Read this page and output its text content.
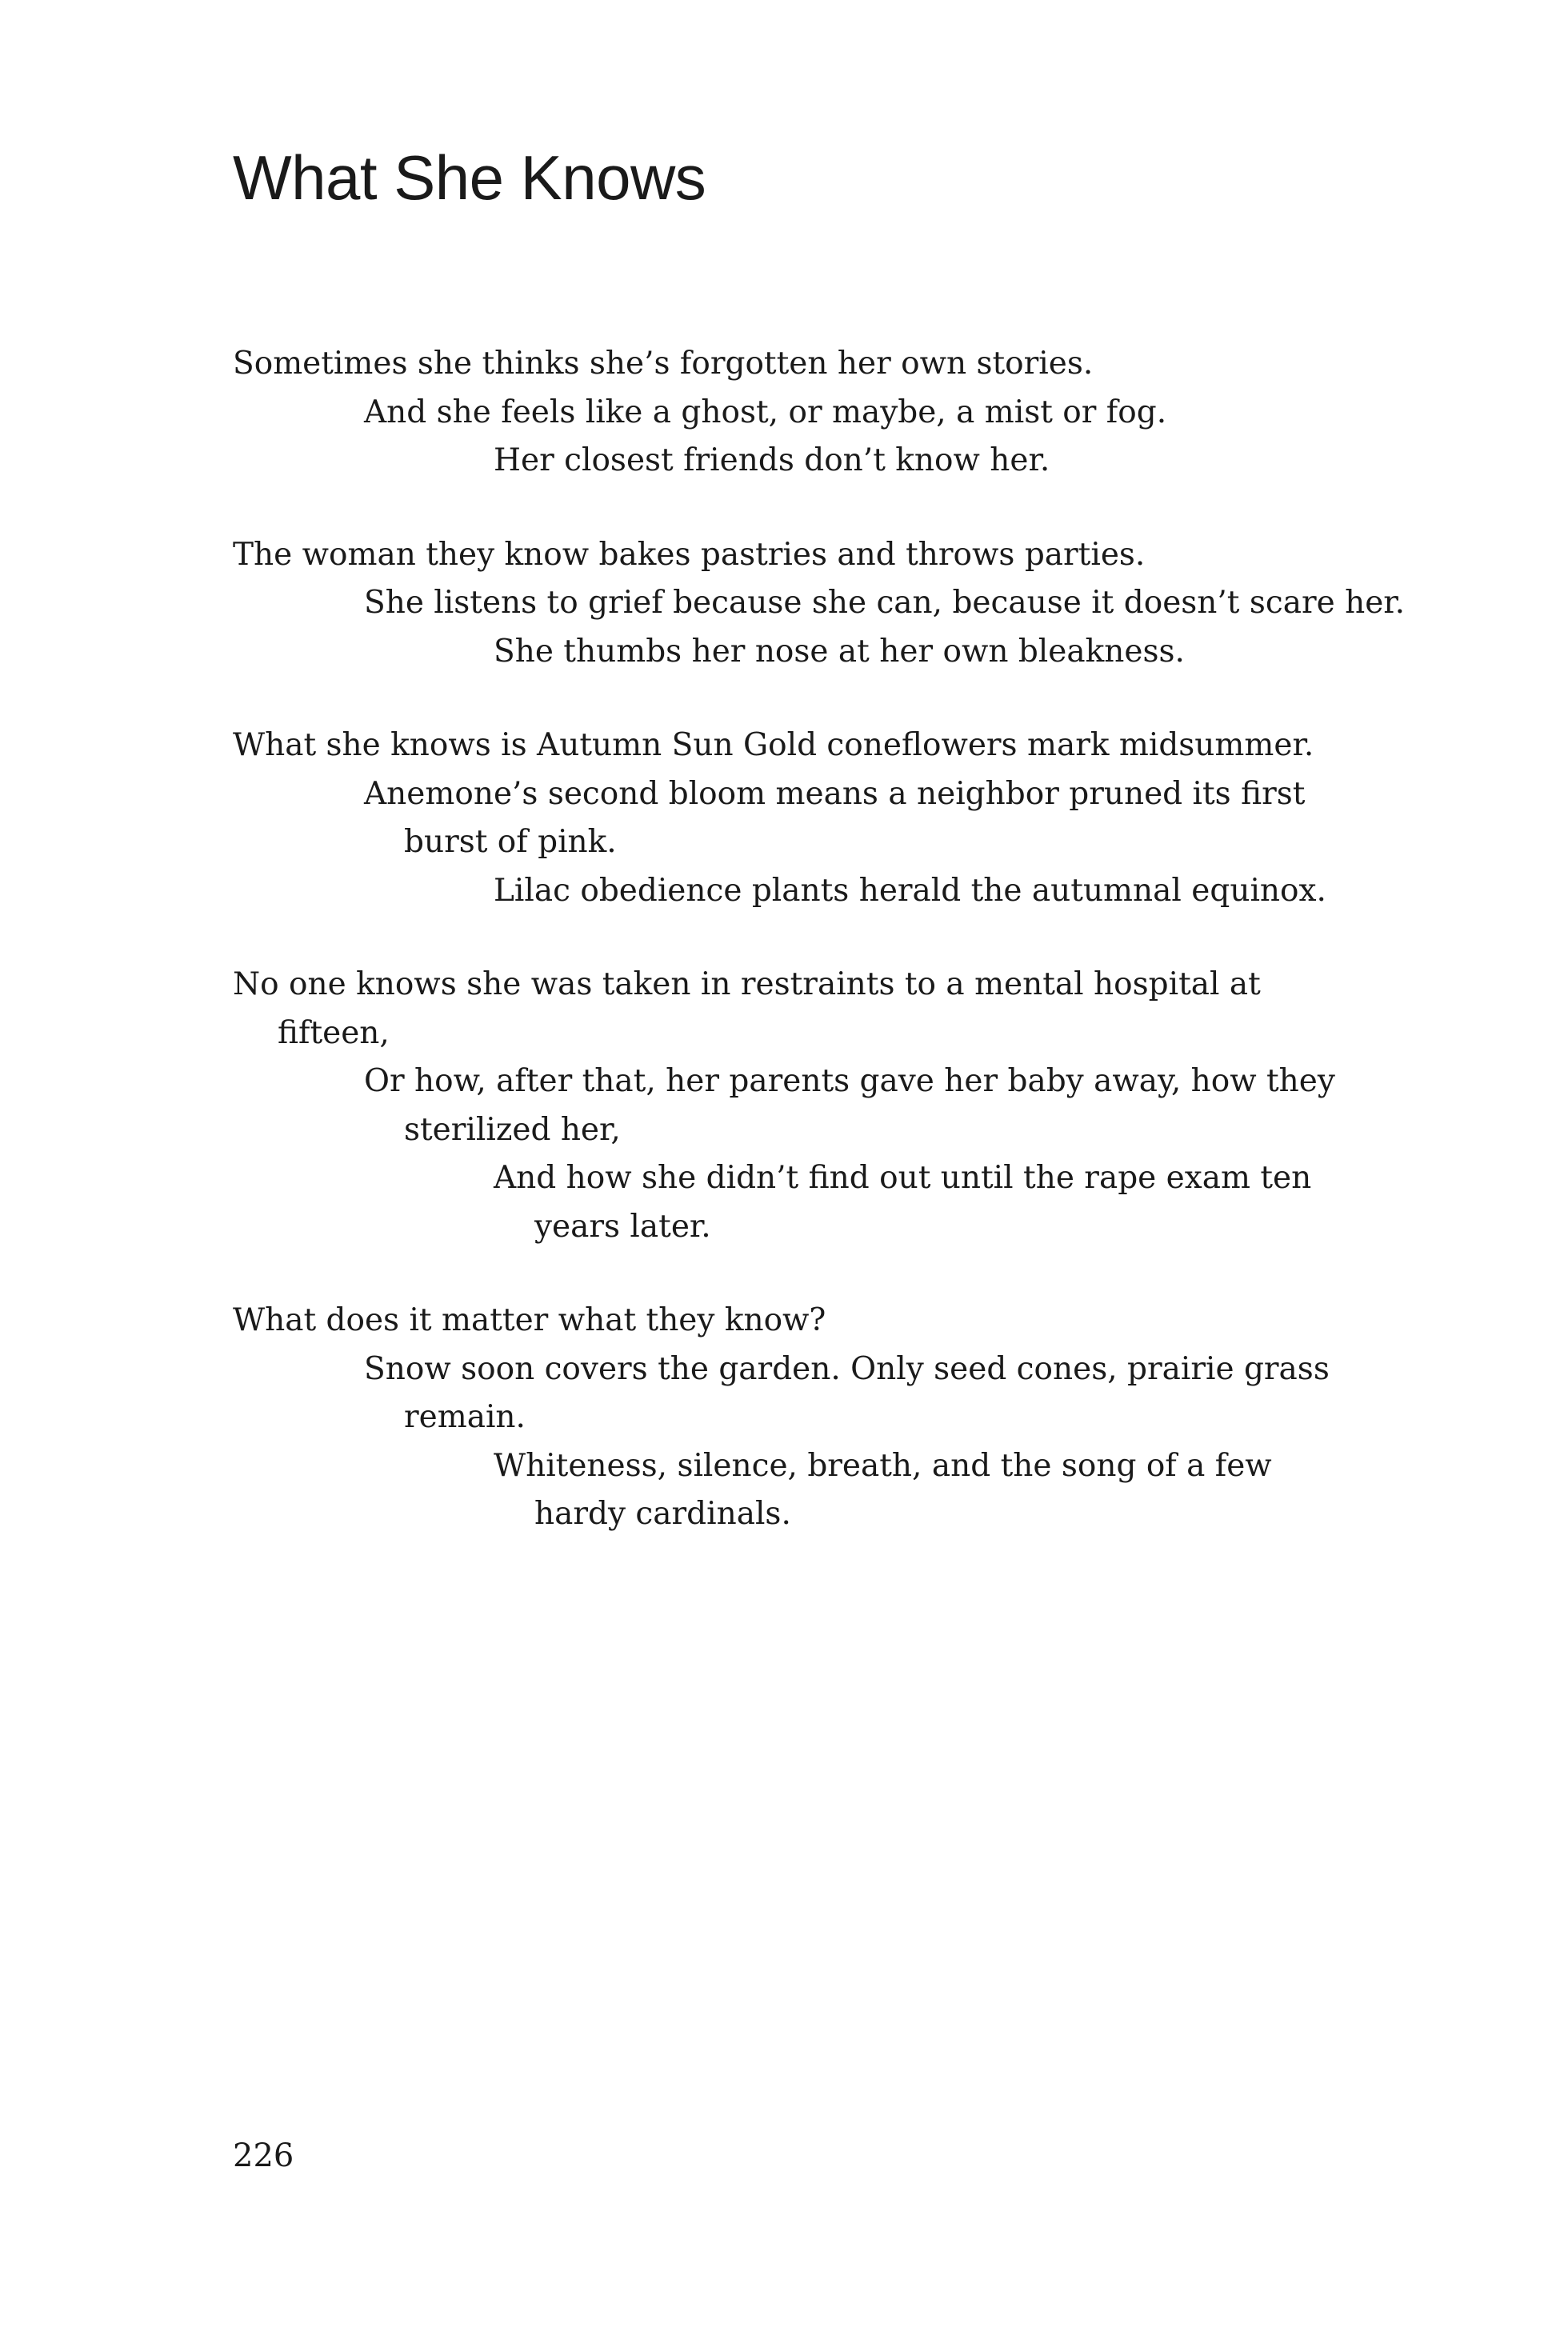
What She Knows
Sometimes she thinks she’s forgotten her own stories.
And she feels like a ghost, or maybe, a mist or fog.
Her closest friends don’t know her.
The woman they know bakes pastries and throws parties.
She listens to grief because she can, because it doesn’t scare her.
She thumbs her nose at her own bleakness.
What she knows is Autumn Sun Gold coneflowers mark midsummer.
Anemone’s second bloom means a neighbor pruned its first
burst of pink.
Lilac obedience plants herald the autumnal equinox.
No one knows she was taken in restraints to a mental hospital at
fifteen,
Or how, after that, her parents gave her baby away, how they
sterilized her,
And how she didn’t find out until the rape exam ten
years later.
What does it matter what they know?
Snow soon covers the garden. Only seed cones, prairie grass
remain.
Whiteness, silence, breath, and the song of a few
hardy cardinals.
226
